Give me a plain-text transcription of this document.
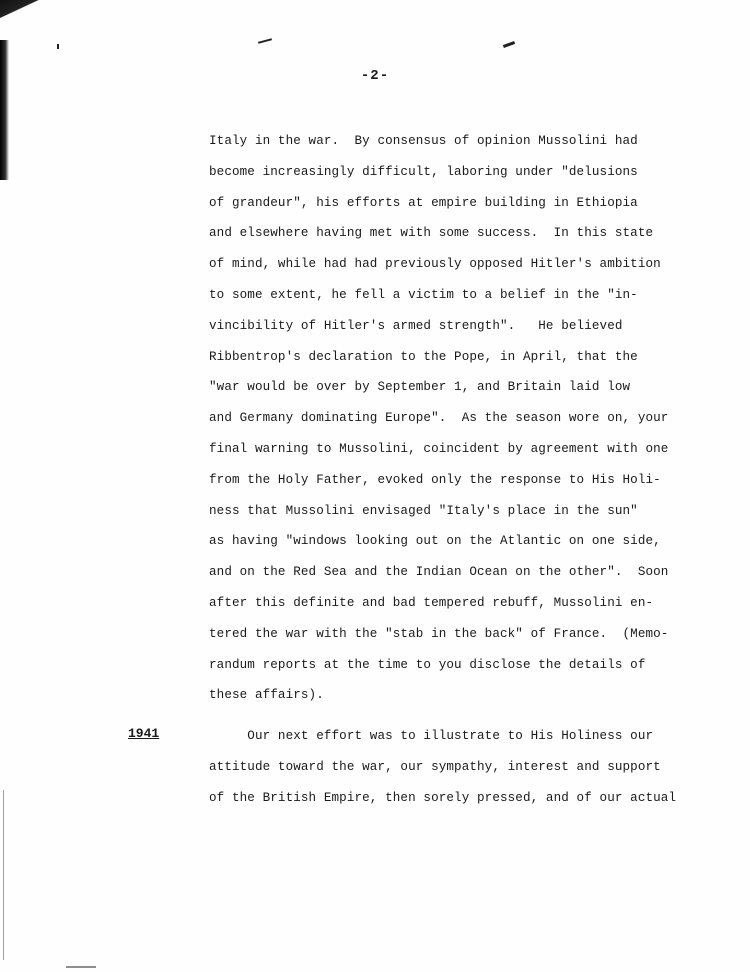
-2-
Italy in the war.  By consensus of opinion Mussolini had
become increasingly difficult, laboring under "delusions
of grandeur", his efforts at empire building in Ethiopia
and elsewhere having met with some success.  In this state
of mind, while had had previously opposed Hitler's ambition
to some extent, he fell a victim to a belief in the "in-
vincibility of Hitler's armed strength".   He believed
Ribbentrop's declaration to the Pope, in April, that the
"war would be over by September 1, and Britain laid low
and Germany dominating Europe".  As the season wore on, your
final warning to Mussolini, coincident by agreement with one
from the Holy Father, evoked only the response to His Holi-
ness that Mussolini envisaged "Italy's place in the sun"
as having "windows looking out on the Atlantic on one side,
and on the Red Sea and the Indian Ocean on the other".  Soon
after this definite and bad tempered rebuff, Mussolini en-
tered the war with the "stab in the back" of France.  (Memo-
randum reports at the time to you disclose the details of
these affairs).
1941	Our next effort was to illustrate to His Holiness our
attitude toward the war, our sympathy, interest and support
of the British Empire, then sorely pressed, and of our actual
